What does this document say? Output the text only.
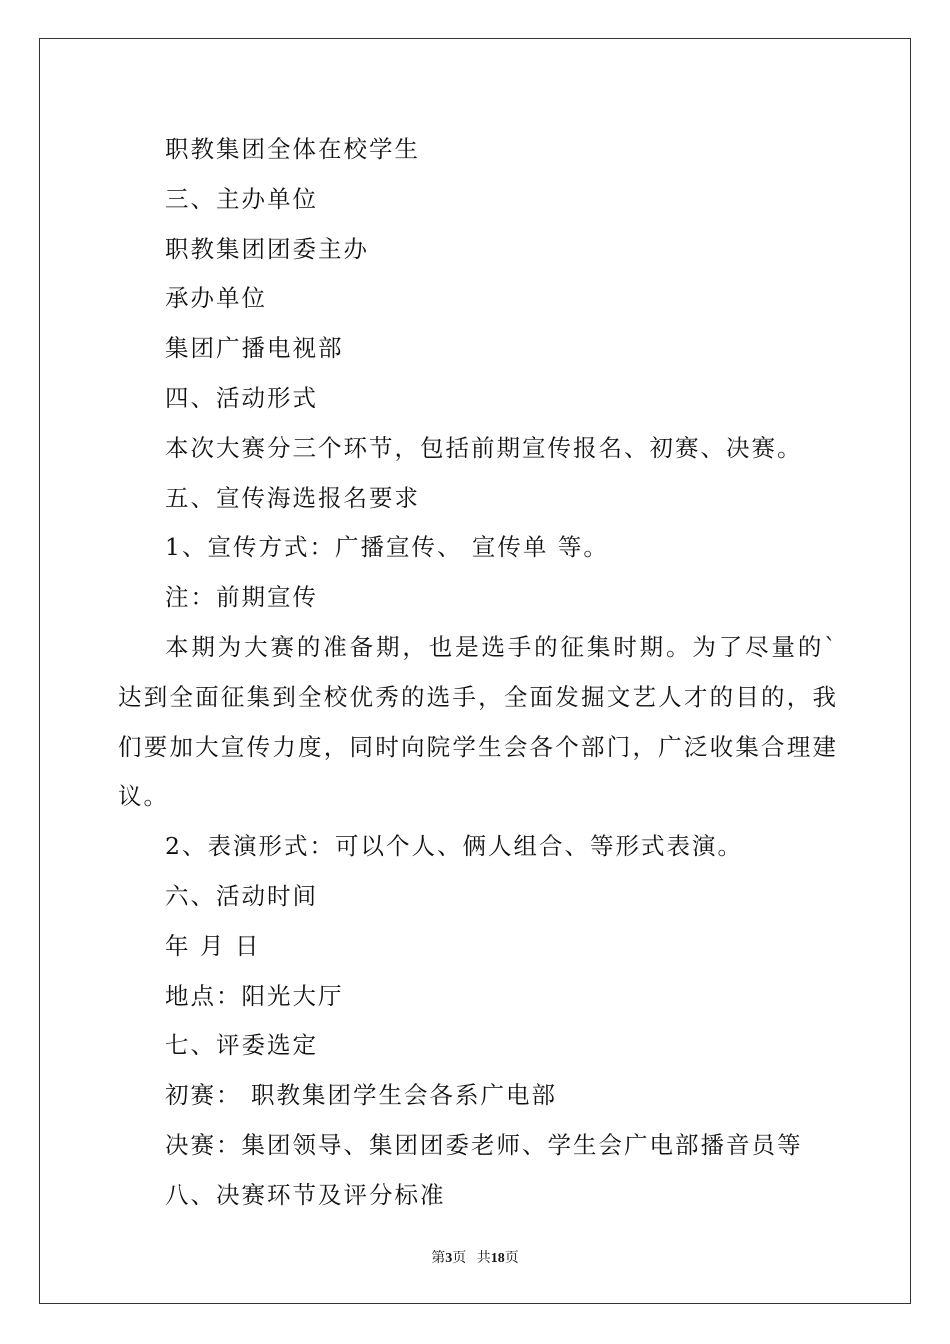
职教集团全体在校学生
三、主办单位
职教集团团委主办
承办单位
集团广播电视部
四、活动形式
本次大赛分三个环节，包括前期宣传报名、初赛、决赛。
五、宣传海选报名要求
1、宣传方式：广播宣传、 宣传单 等。
注：前期宣传
本期为大赛的准备期，也是选手的征集时期。为了尽量的`达到全面征集到全校优秀的选手，全面发掘文艺人才的目的，我们要加大宣传力度，同时向院学生会各个部门，广泛收集合理建议。
2、表演形式：可以个人、俩人组合、等形式表演。
六、活动时间
年 月 日
地点：阳光大厅
七、评委选定
初赛： 职教集团学生会各系广电部
决赛：集团领导、集团团委老师、学生会广电部播音员等
八、决赛环节及评分标准
第3页 共18页
